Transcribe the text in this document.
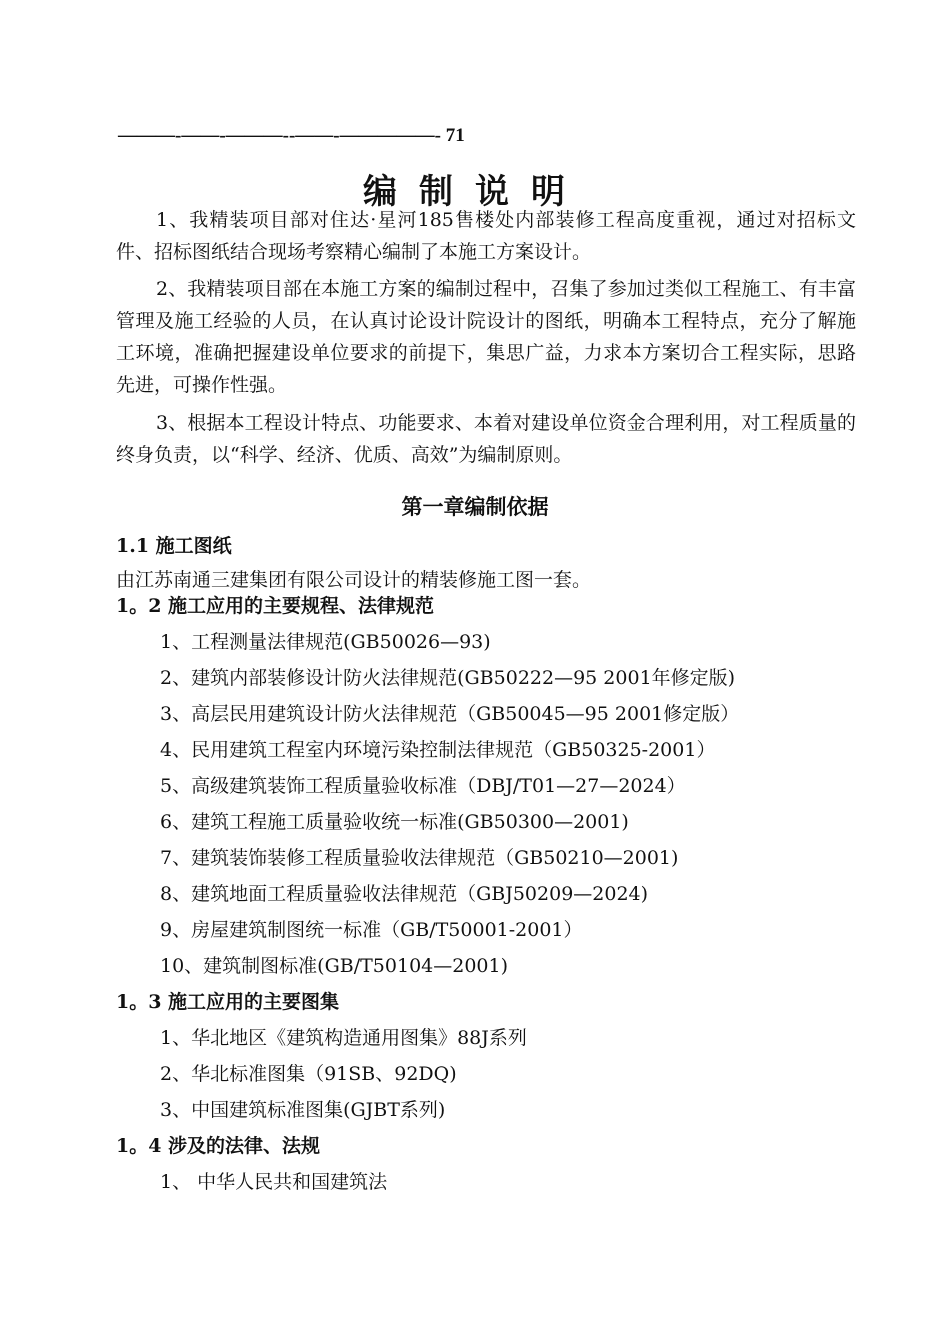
———-——-———--——-—————- 71
编制说明
1、我精装项目部对住达·星河185售楼处内部装修工程高度重视，通过对招标文件、招标图纸结合现场考察精心编制了本施工方案设计。
2、我精装项目部在本施工方案的编制过程中，召集了参加过类似工程施工、有丰富管理及施工经验的人员，在认真讨论设计院设计的图纸，明确本工程特点，充分了解施工环境，准确把握建设单位要求的前提下，集思广益，力求本方案切合工程实际，思路先进，可操作性强。
3、根据本工程设计特点、功能要求、本着对建设单位资金合理利用，对工程质量的终身负责，以“科学、经济、优质、高效”为编制原则。
第一章编制依据
1.1 施工图纸
由江苏南通三建集团有限公司设计的精装修施工图一套。
1。2 施工应用的主要规程、法律规范
1、工程测量法律规范(GB50026—93)
2、建筑内部装修设计防火法律规范(GB50222—95 2001年修定版)
3、高层民用建筑设计防火法律规范（GB50045—95 2001修定版）
4、民用建筑工程室内环境污染控制法律规范（GB50325-2001）
5、高级建筑装饰工程质量验收标准（DBJ/T01—27—2024）
6、建筑工程施工质量验收统一标准(GB50300—2001)
7、建筑装饰装修工程质量验收法律规范（GB50210—2001)
8、建筑地面工程质量验收法律规范（GBJ50209—2024)
9、房屋建筑制图统一标准（GB/T50001-2001）
10、建筑制图标准(GB/T50104—2001)
1。3 施工应用的主要图集
1、华北地区《建筑构造通用图集》88J系列
2、华北标准图集（91SB、92DQ)
3、中国建筑标准图集(GJBT系列)
1。4 涉及的法律、法规
1、 中华人民共和国建筑法
